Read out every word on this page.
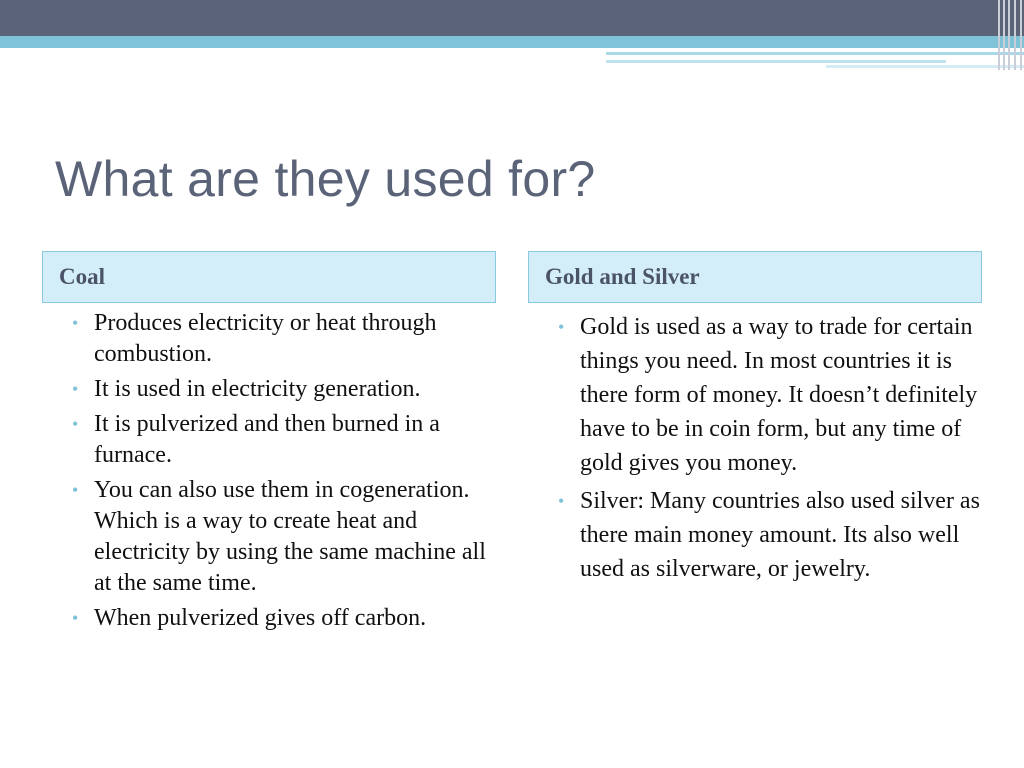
What are they used for?
Coal	Gold and Silver
• Produces electricity or heat through combustion.
• It is used in electricity generation.
• It is pulverized and then burned in a furnace.
• You can also use them in cogeneration. Which is a way to create heat and electricity by using the same machine all at the same time.
• When pulverized gives off carbon.
• Gold is used as a way to trade for certain things you need. In most countries it is there form of money. It doesn’t definitely have to be in coin form, but any time of gold gives you money.
• Silver: Many countries also used silver as there main money amount. Its also well used as silverware, or jewelry.
